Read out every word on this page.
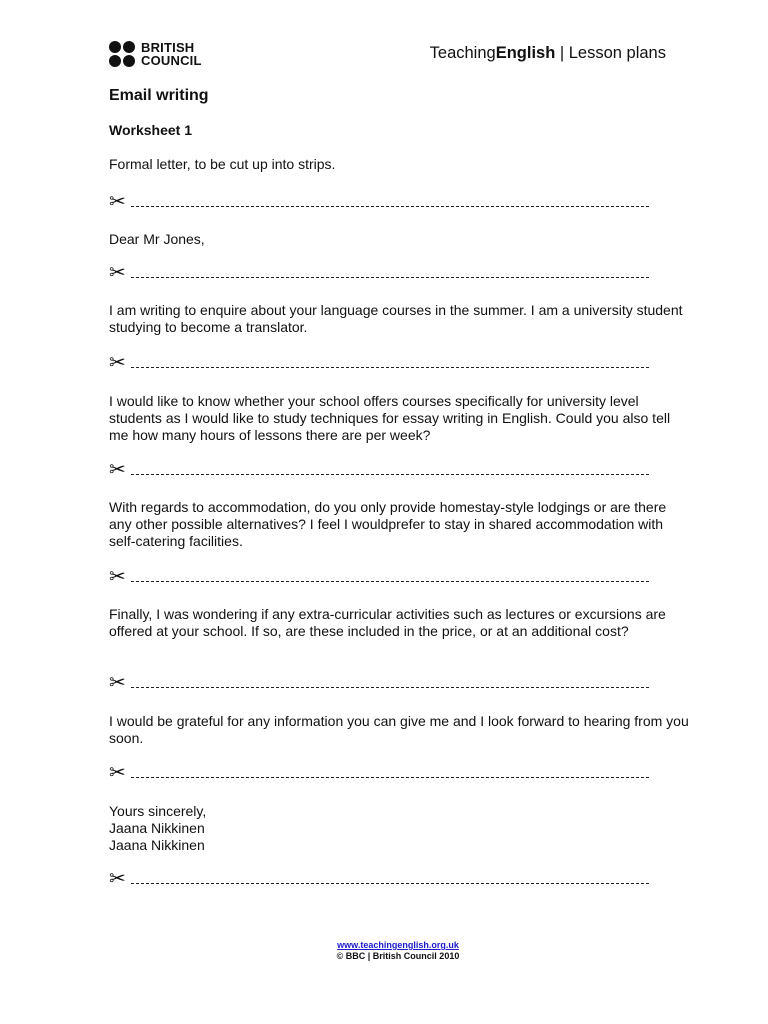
BRITISH
COUNCIL	TeachingEnglish | Lesson plans
Email writing
Worksheet 1

Formal letter, to be cut up into strips.

✂

Dear Mr Jones,

✂

I am writing to enquire about your language courses in the summer. I am a university student studying to become a translator.

✂

I would like to know whether your school offers courses specifically for university level students as I would like to study techniques for essay writing in English. Could you also tell me how many hours of lessons there are per week?

✂

With regards to accommodation, do you only provide homestay-style lodgings or are there any other possible alternatives? I feel I wouldprefer to stay in shared accommodation with self-catering facilities.

✂

Finally, I was wondering if any extra-curricular activities such as lectures or excursions are offered at your school. If so, are these included in the price, or at an additional cost?

✂

I would be grateful for any information you can give me and I look forward to hearing from you soon.

✂
Yours sincerely,
Jaana Nikkinen
Jaana Nikkinen
✂
www.teachingenglish.org.uk
© BBC | British Council 2010
